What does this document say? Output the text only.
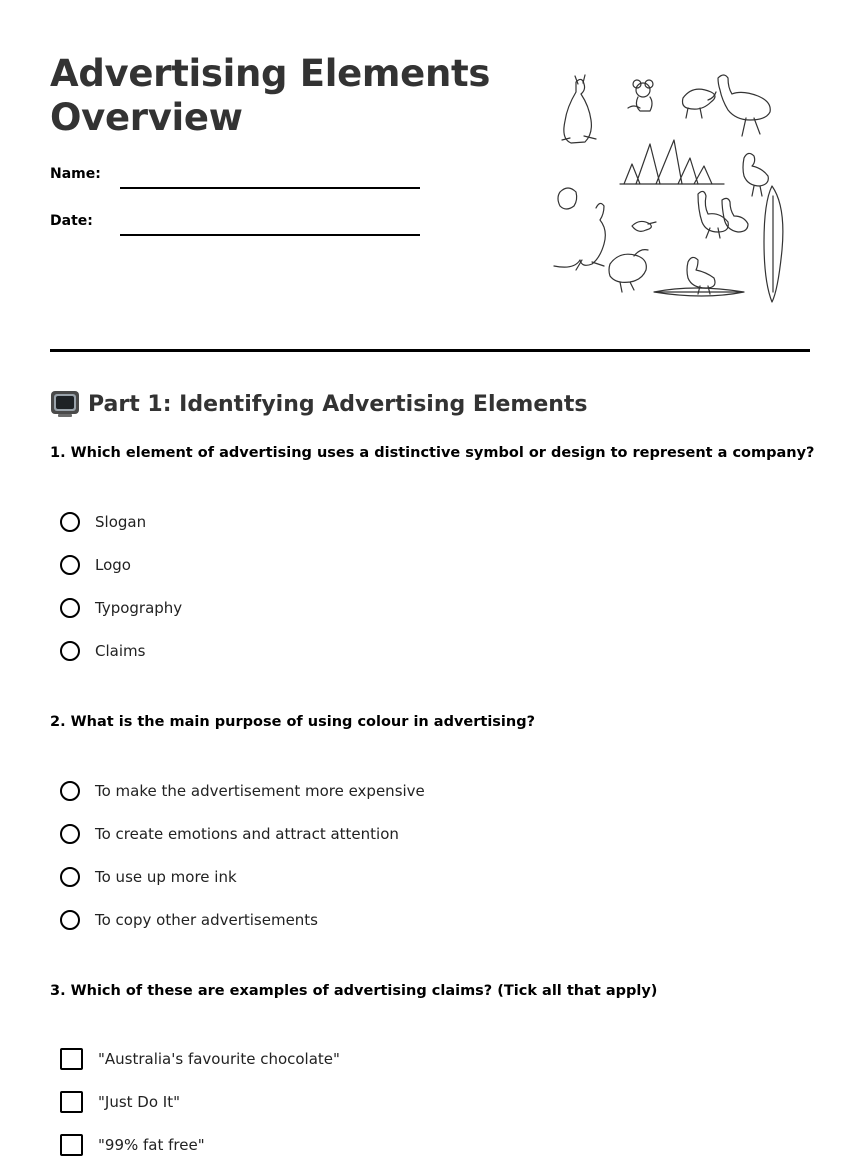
Advertising Elements
Overview
Name:
Date:
Part 1: Identifying Advertising Elements
1. Which element of advertising uses a distinctive symbol or design to represent a company?
Slogan
Logo
Typography
Claims
2. What is the main purpose of using colour in advertising?
To make the advertisement more expensive
To create emotions and attract attention
To use up more ink
To copy other advertisements
3. Which of these are examples of advertising claims? (Tick all that apply)
"Australia's favourite chocolate"
"Just Do It"
"99% fat free"
